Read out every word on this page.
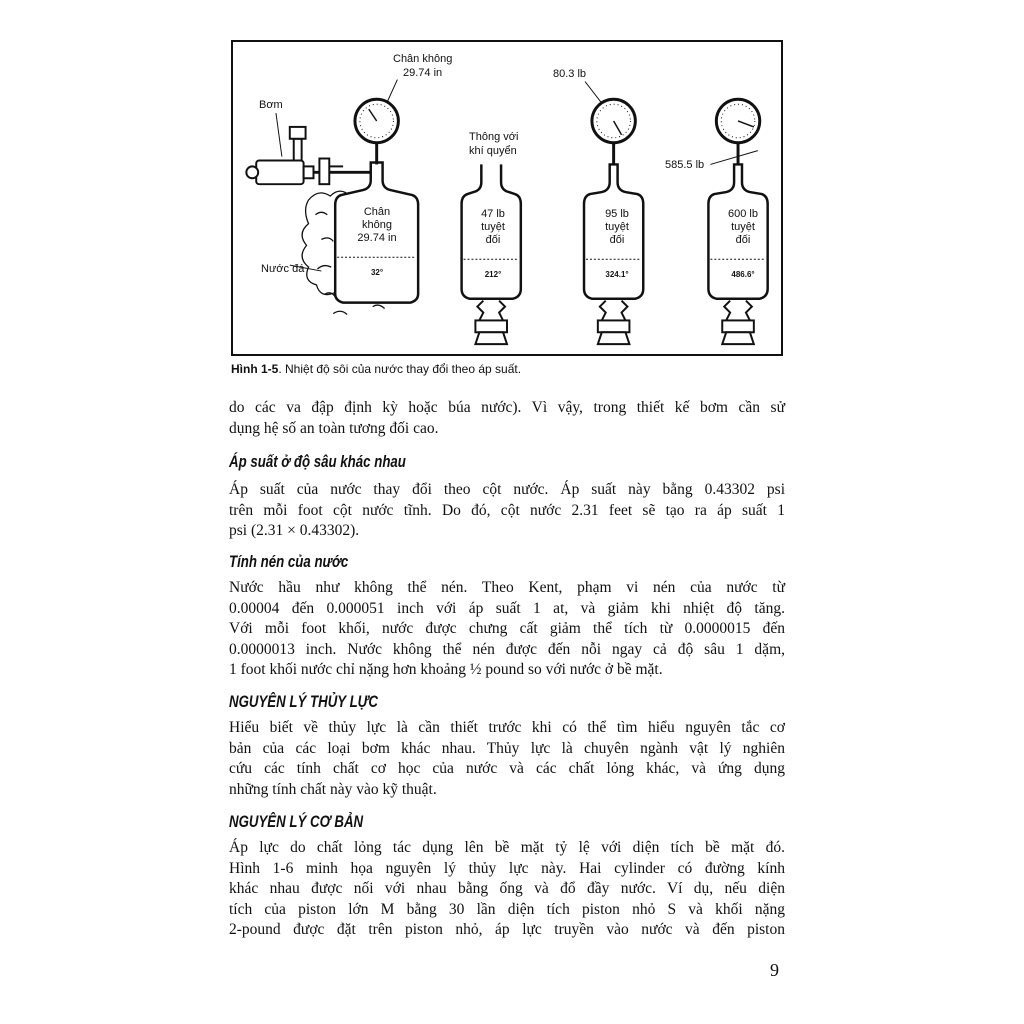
Chân không
29.74 in	80.3 lb
585.5 lb
Bơm
Thông với
khí quyển
Nước đá
Chân
không
29.74 in
32°
47 lb
tuyệt
đối
212°
95 lb
tuyệt
đối
324.1°
600 lb
tuyệt
đối
486.6°
Hình 1-5. Nhiệt độ sôi của nước thay đổi theo áp suất.
do các va đập định kỳ hoặc búa nước). Vì vậy, trong thiết kế bơm cần sử
dụng hệ số an toàn tương đối cao.
Áp suất ở độ sâu khác nhau
Áp suất của nước thay đổi theo cột nước. Áp suất này bằng 0.43302 psi
trên mỗi foot cột nước tĩnh. Do đó, cột nước 2.31 feet sẽ tạo ra áp suất 1
psi (2.31 × 0.43302).
Tính nén của nước
Nước hầu như không thể nén. Theo Kent, phạm vi nén của nước từ
0.00004 đến 0.000051 inch với áp suất 1 at, và giảm khi nhiệt độ tăng.
Với mỗi foot khối, nước được chưng cất giảm thể tích từ 0.0000015 đến
0.0000013 inch. Nước không thể nén được đến nỗi ngay cả độ sâu 1 dặm,
1 foot khối nước chỉ nặng hơn khoảng ½ pound so với nước ở bề mặt.
NGUYÊN LÝ THỦY LỰC
Hiểu biết về thủy lực là cần thiết trước khi có thể tìm hiểu nguyên tắc cơ
bản của các loại bơm khác nhau. Thủy lực là chuyên ngành vật lý nghiên
cứu các tính chất cơ học của nước và các chất lỏng khác, và ứng dụng
những tính chất này vào kỹ thuật.
NGUYÊN LÝ CƠ BẢN
Áp lực do chất lỏng tác dụng lên bề mặt tỷ lệ với diện tích bề mặt đó.
Hình 1-6 minh họa nguyên lý thủy lực này. Hai cylinder có đường kính
khác nhau được nối với nhau bằng ống và đổ đầy nước. Ví dụ, nếu diện
tích của piston lớn M bằng 30 lần diện tích piston nhỏ S và khối nặng
2-pound được đặt trên piston nhỏ, áp lực truyền vào nước và đến piston
9
